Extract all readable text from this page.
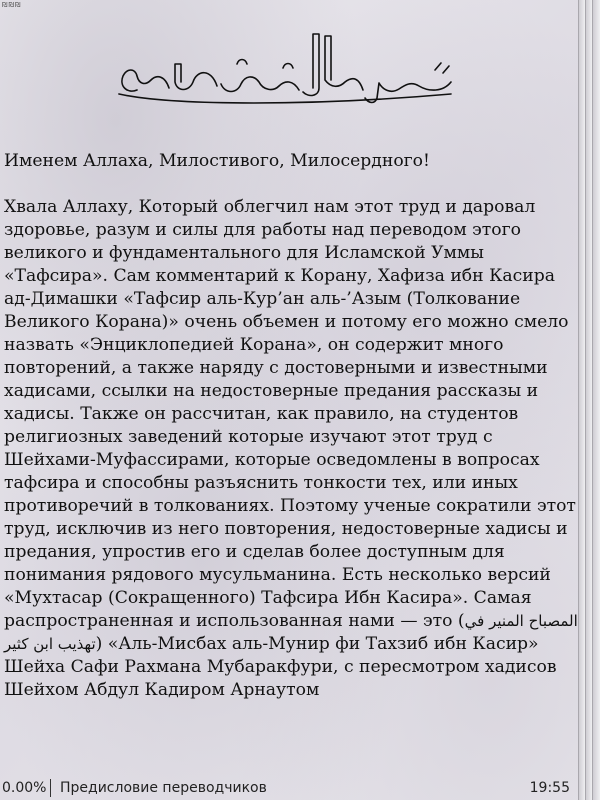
₪₪₪

Именем Аллаха, Милостивого, Милосердного!

Хвала Аллаху, Который облегчил нам этот труд и даровал здоровье, разум и силы для работы над переводом этого великого и фундаментального для Исламской Уммы «Тафсира». Сам комментарий к Корану, Хафиза ибн Касира ад-Димашки «Тафсир аль-Кур’ан аль-’Азым (Толкование Великого Корана)» очень объемен и потому его можно смело назвать «Энциклопедией Корана», он содержит много повторений, а также наряду с достоверными и известными хадисами, ссылки на недостоверные предания рассказы и хадисы. Также он рассчитан, как правило, на студентов религиозных заведений которые изучают этот труд с Шейхами-Муфассирами, которые осведомлены в вопросах тафсира и способны разъяснить тонкости тех, или иных противоречий в толкованиях. Поэтому ученые сократили этот труд, исключив из него повторения, недостоверные хадисы и предания, упростив его и сделав более доступным для понимания рядового мусульманина. Есть несколько версий «Мухтасар (Сокращенного) Тафсира Ибн Касира». Самая распространенная и использованная нами — это (المصباح المنير في تهذيب ابن كثير) «Аль-Мисбах аль-Мунир фи Тахзиб ибн Касир» Шейха Сафи Рахмана Мубаракфури, с пересмотром хадисов Шейхом Абдул Кадиром Арнаутом

0.00% Предисловие переводчиков	19:55
